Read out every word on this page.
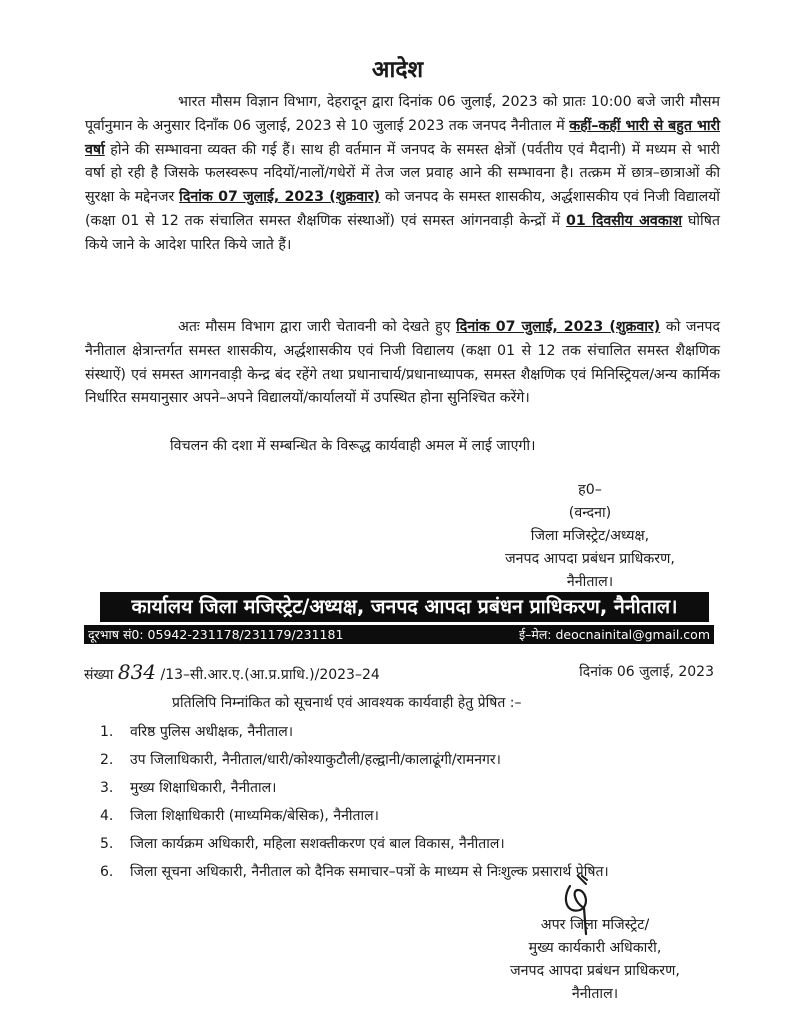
आदेश

भारत मौसम विज्ञान विभाग, देहरादून द्वारा दिनांक 06 जुलाई, 2023 को प्रातः 10:00 बजे जारी मौसम पूर्वानुमान के अनुसार दिनाँक 06 जुलाई, 2023 से 10 जुलाई 2023 तक जनपद नैनीताल में कहीं–कहीं भारी से बहुत भारी वर्षा होने की सम्भावना व्यक्त की गई हैं। साथ ही वर्तमान में जनपद के समस्त क्षेत्रों (पर्वतीय एवं मैदानी) में मध्यम से भारी वर्षा हो रही है जिसके फलस्वरूप नदियों/नालों/गधेरों में तेज जल प्रवाह आने की सम्भावना है। तत्क्रम में छात्र–छात्राओं की सुरक्षा के मद्देनजर दिनांक 07 जुलाई, 2023 (शुक्रवार) को जनपद के समस्त शासकीय, अर्द्धशासकीय एवं निजी विद्यालयों (कक्षा 01 से 12 तक संचालित समस्त शैक्षणिक संस्थाओं) एवं समस्त आंगनवाड़ी केन्द्रों में 01 दिवसीय अवकाश घोषित किये जाने के आदेश पारित किये जाते हैं।

अतः मौसम विभाग द्वारा जारी चेतावनी को देखते हुए दिनांक 07 जुलाई, 2023 (शुक्रवार) को जनपद नैनीताल क्षेत्रान्तर्गत समस्त शासकीय, अर्द्धशासकीय एवं निजी विद्यालय (कक्षा 01 से 12 तक संचालित समस्त शैक्षणिक संस्थाऐं) एवं समस्त आगनवाड़ी केन्द्र बंद रहेंगे तथा प्रधानाचार्य/प्रधानाध्यापक, समस्त शैक्षणिक एवं मिनिस्ट्रियल/अन्य कार्मिक निर्धारित समयानुसार अपने–अपने विद्यालयों/कार्यालयों में उपस्थित होना सुनिश्चित करेंगे।

विचलन की दशा में सम्बन्धित के विरूद्ध कार्यवाही अमल में लाई जाएगी।

ह0–
(वन्दना)
जिला मजिस्ट्रेट/अध्यक्ष,
जनपद आपदा प्रबंधन प्राधिकरण,
नैनीताल।
कार्यालय जिला मजिस्ट्रेट/अध्यक्ष, जनपद आपदा प्रबंधन प्राधिकरण, नैनीताल।
दूरभाष सं0: 05942-231178/231179/231181	ई–मेल: deocnainital@gmail.com
संख्या 834 /13–सी.आर.ए.(आ.प्र.प्राधि.)/2023–24	दिनांक 06 जुलाई, 2023

प्रतिलिपि निम्नांकित को सूचनार्थ एवं आवश्यक कार्यवाही हेतु प्रेषित :–

1. वरिष्ठ पुलिस अधीक्षक, नैनीताल।
2. उप जिलाधिकारी, नैनीताल/धारी/कोश्याकुटौली/हल्द्वानी/कालाढूंगी/रामनगर।
3. मुख्य शिक्षाधिकारी, नैनीताल।
4. जिला शिक्षाधिकारी (माध्यमिक/बेसिक), नैनीताल।
5. जिला कार्यक्रम अधिकारी, महिला सशक्तीकरण एवं बाल विकास, नैनीताल।
6. जिला सूचना अधिकारी, नैनीताल को दैनिक समाचार–पत्रों के माध्यम से निःशुल्क प्रसारार्थ प्रेषित।
अपर जिला मजिस्ट्रेट/
मुख्य कार्यकारी अधिकारी,
जनपद आपदा प्रबंधन प्राधिकरण,
नैनीताल।
